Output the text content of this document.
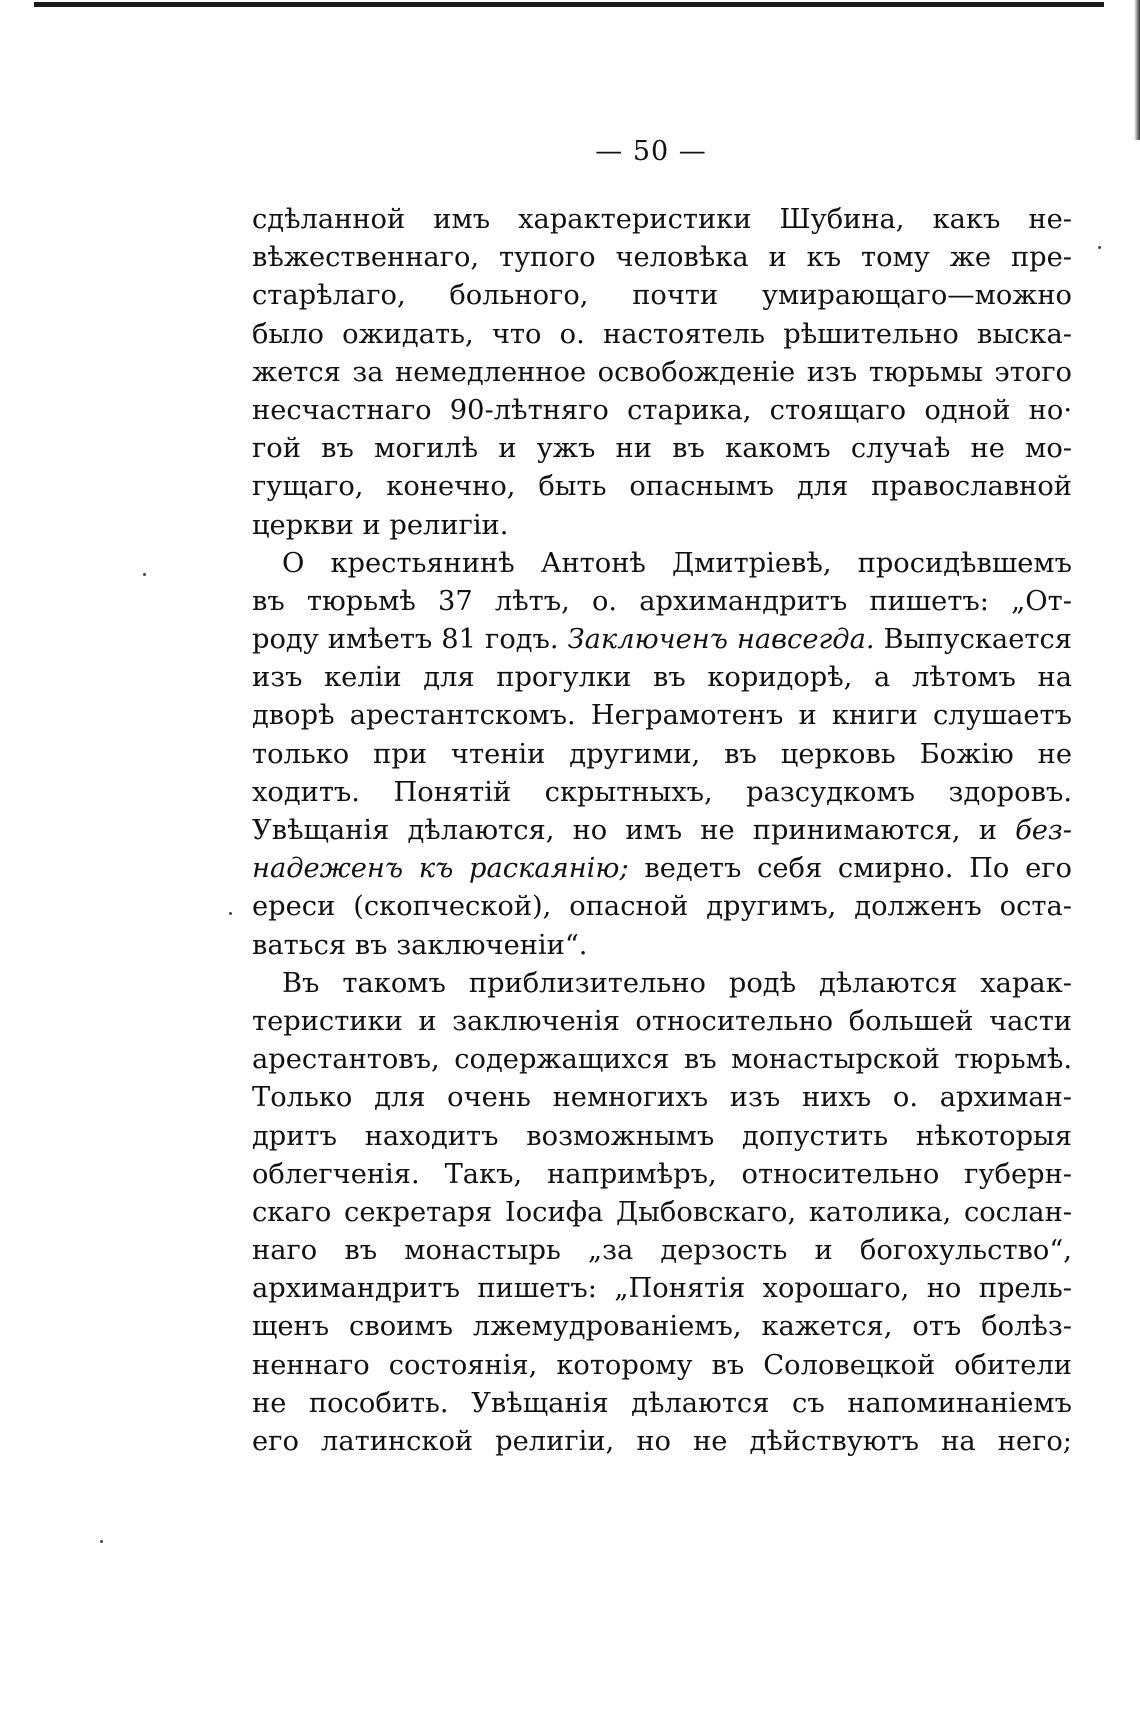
— 50 —
сдѣланной имъ характеристики Шубина, какъ не-
вѣжественнаго, тупого человѣка и къ тому же пре-
старѣлаго, больного, почти умирающаго—можно
было ожидать, что о. настоятель рѣшительно выска-
жется за немедленное освобожденіе изъ тюрьмы этого
несчастнаго 90-лѣтняго старика, стоящаго одной но·
гой въ могилѣ и ужъ ни въ какомъ случаѣ не мо-
гущаго, конечно, быть опаснымъ для православной
церкви и религіи.
О крестьянинѣ Антонѣ Дмитріевѣ, просидѣвшемъ
въ тюрьмѣ 37 лѣтъ, о. архимандритъ пишетъ: „От-
роду имѣетъ 81 годъ. Заключенъ навсегда. Выпускается
изъ келіи для прогулки въ коридорѣ, а лѣтомъ на
дворѣ арестантскомъ. Неграмотенъ и книги слушаетъ
только при чтеніи другими, въ церковь Божію не
ходитъ. Понятій скрытныхъ, разсудкомъ здоровъ.
Увѣщанія дѣлаются, но имъ не принимаются, и без-
надеженъ къ раскаянію; ведетъ себя смирно. По его
ереси (скопческой), опасной другимъ, долженъ оста-
ваться въ заключеніи“.
Въ такомъ приблизительно родѣ дѣлаются харак-
теристики и заключенія относительно большей части
арестантовъ, содержащихся въ монастырской тюрьмѣ.
Только для очень немногихъ изъ нихъ о. архиман-
дритъ находитъ возможнымъ допустить нѣкоторыя
облегченія. Такъ, напримѣръ, относительно губерн-
скаго секретаря Іосифа Дыбовскаго, католика, сослан-
наго въ монастырь „за дерзость и богохульство“,
архимандритъ пишетъ: „Понятія хорошаго, но прель-
щенъ своимъ лжемудрованіемъ, кажется, отъ болѣз-
неннаго состоянія, которому въ Соловецкой обители
не пособить. Увѣщанія дѣлаются съ напоминаніемъ
его латинской религіи, но не дѣйствуютъ на него;
